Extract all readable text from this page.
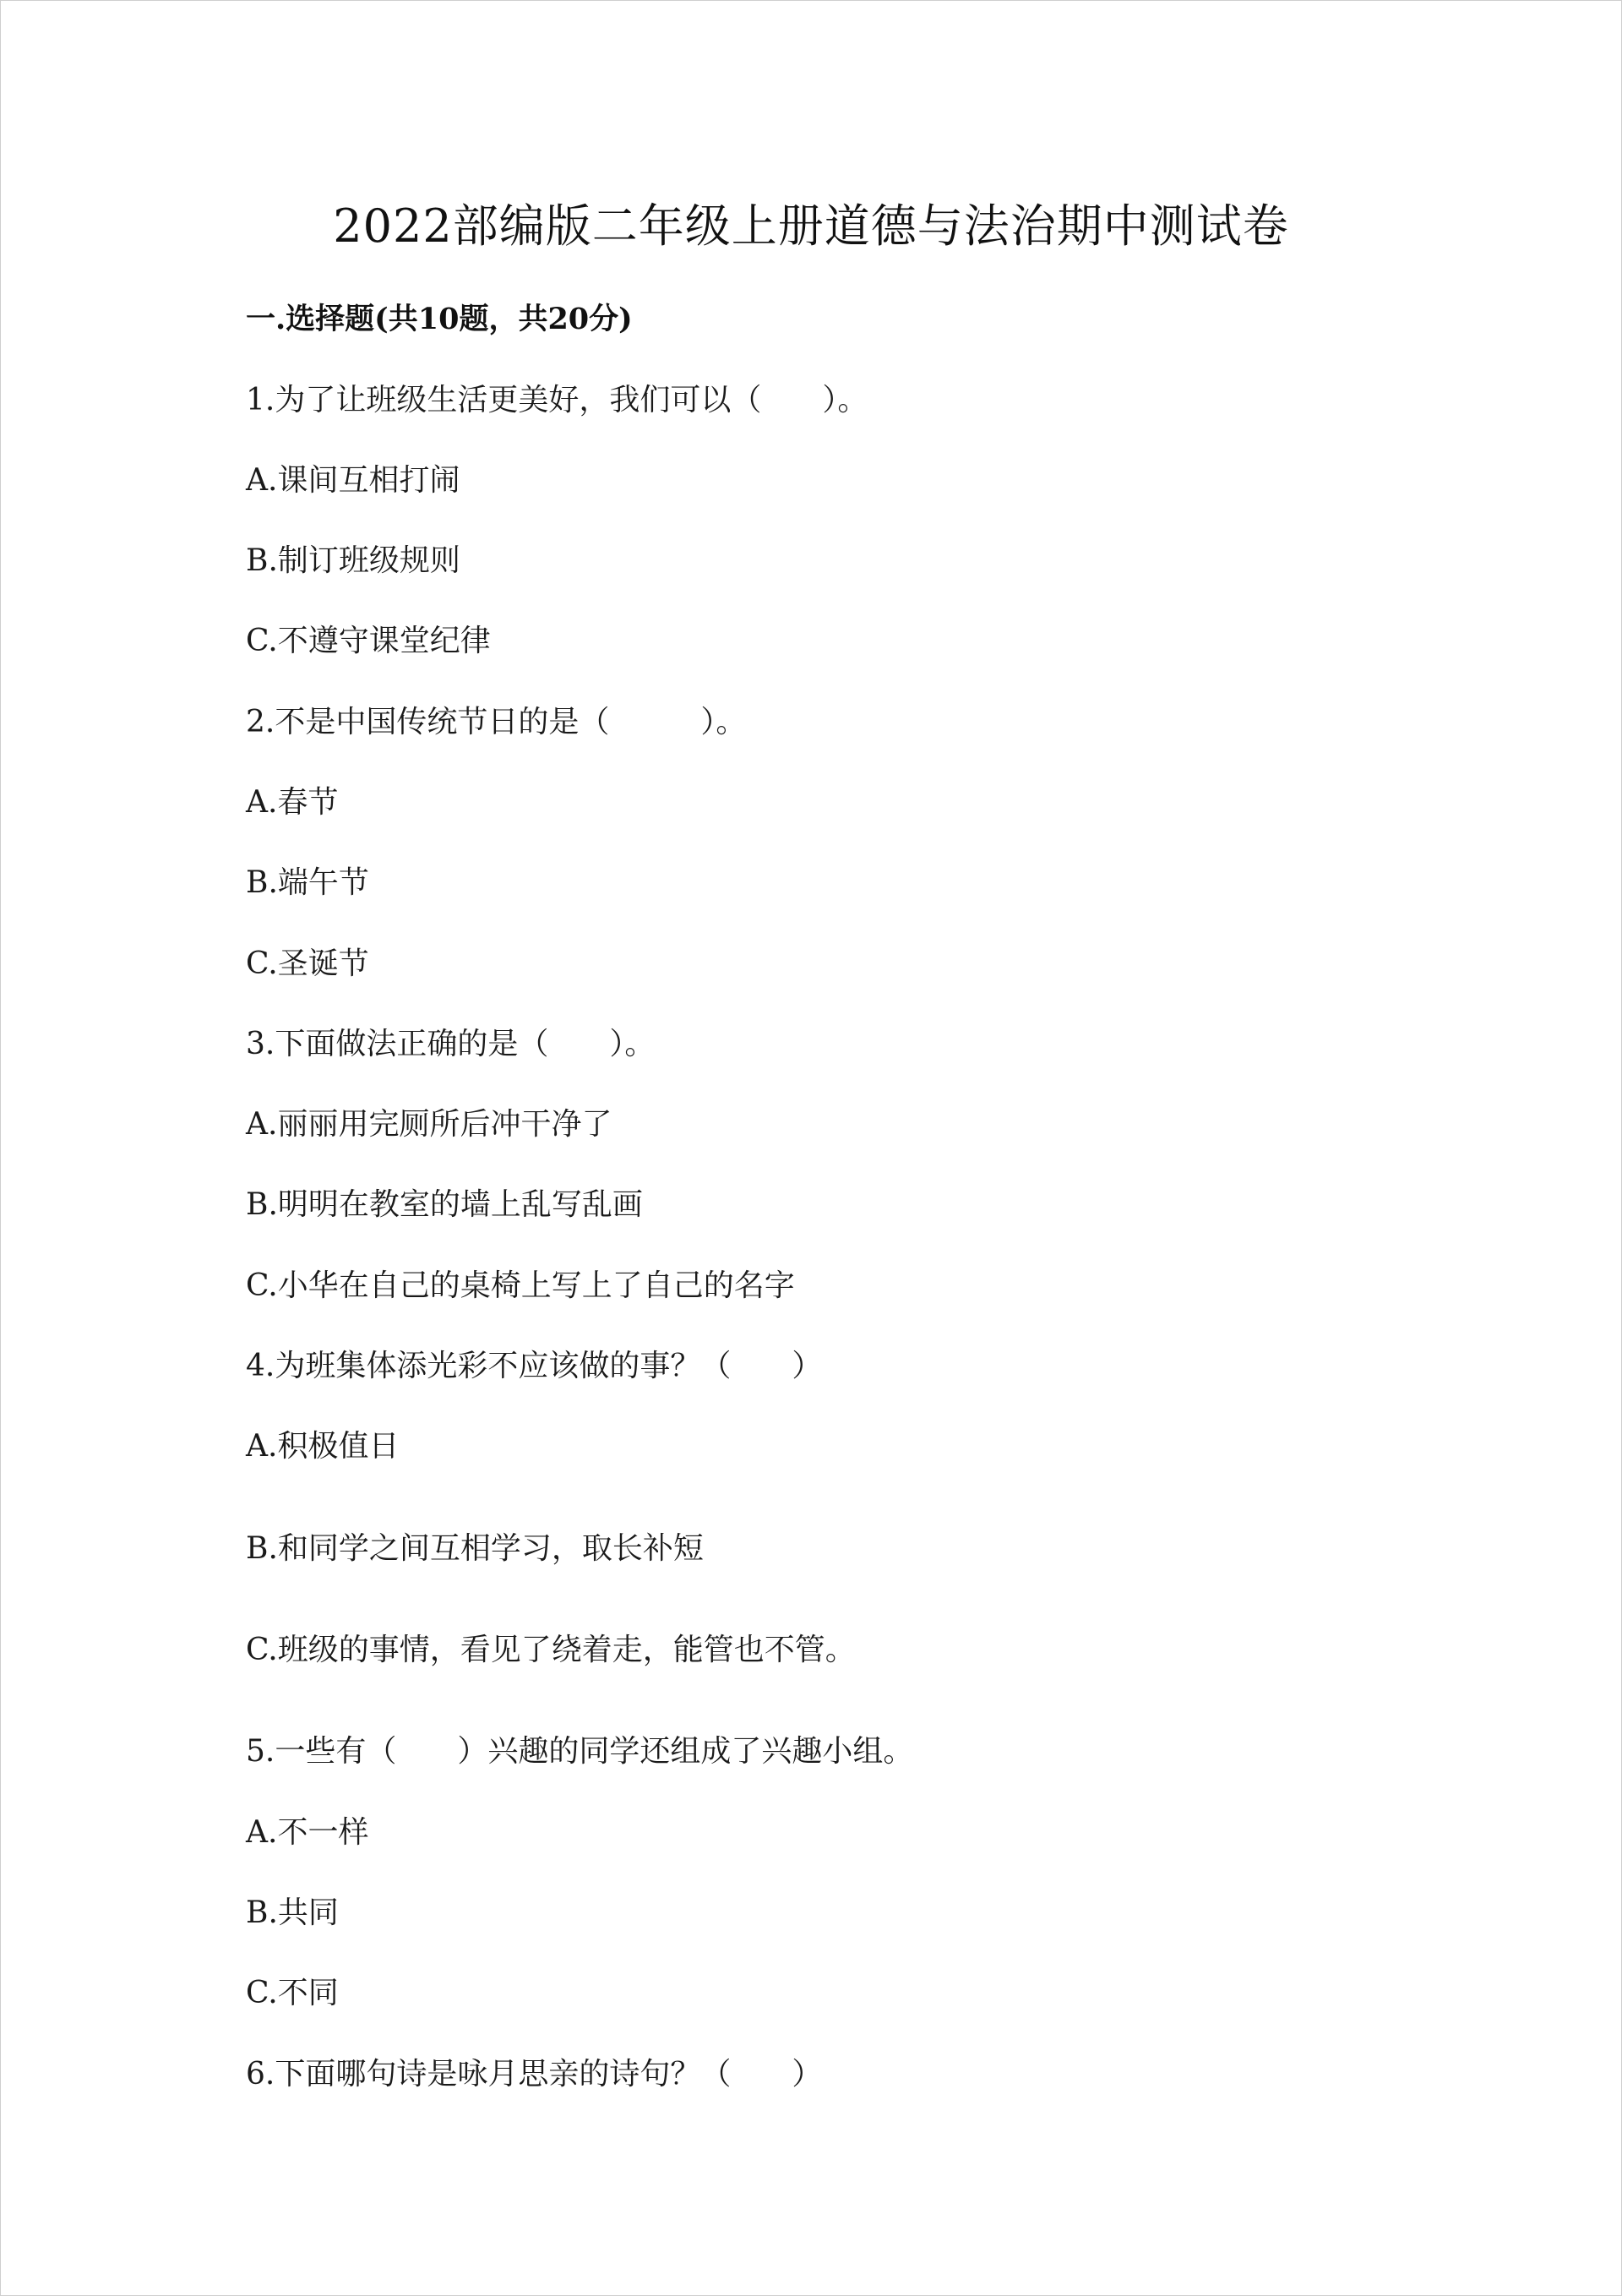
2022部编版二年级上册道德与法治期中测试卷
一.选择题(共10题，共20分)
1.为了让班级生活更美好，我们可以（　　）。
A.课间互相打闹
B.制订班级规则
C.不遵守课堂纪律
2.不是中国传统节日的是（　　　）。
A.春节
B.端午节
C.圣诞节
3.下面做法正确的是（　　）。
A.丽丽用完厕所后冲干净了
B.明明在教室的墙上乱写乱画
C.小华在自己的桌椅上写上了自己的名字
4.为班集体添光彩不应该做的事？（　　）
A.积极值日
B.和同学之间互相学习，取长补短
C.班级的事情，看见了绕着走，能管也不管。
5.一些有（　　）兴趣的同学还组成了兴趣小组。
A.不一样
B.共同
C.不同
6.下面哪句诗是咏月思亲的诗句？（　　）
